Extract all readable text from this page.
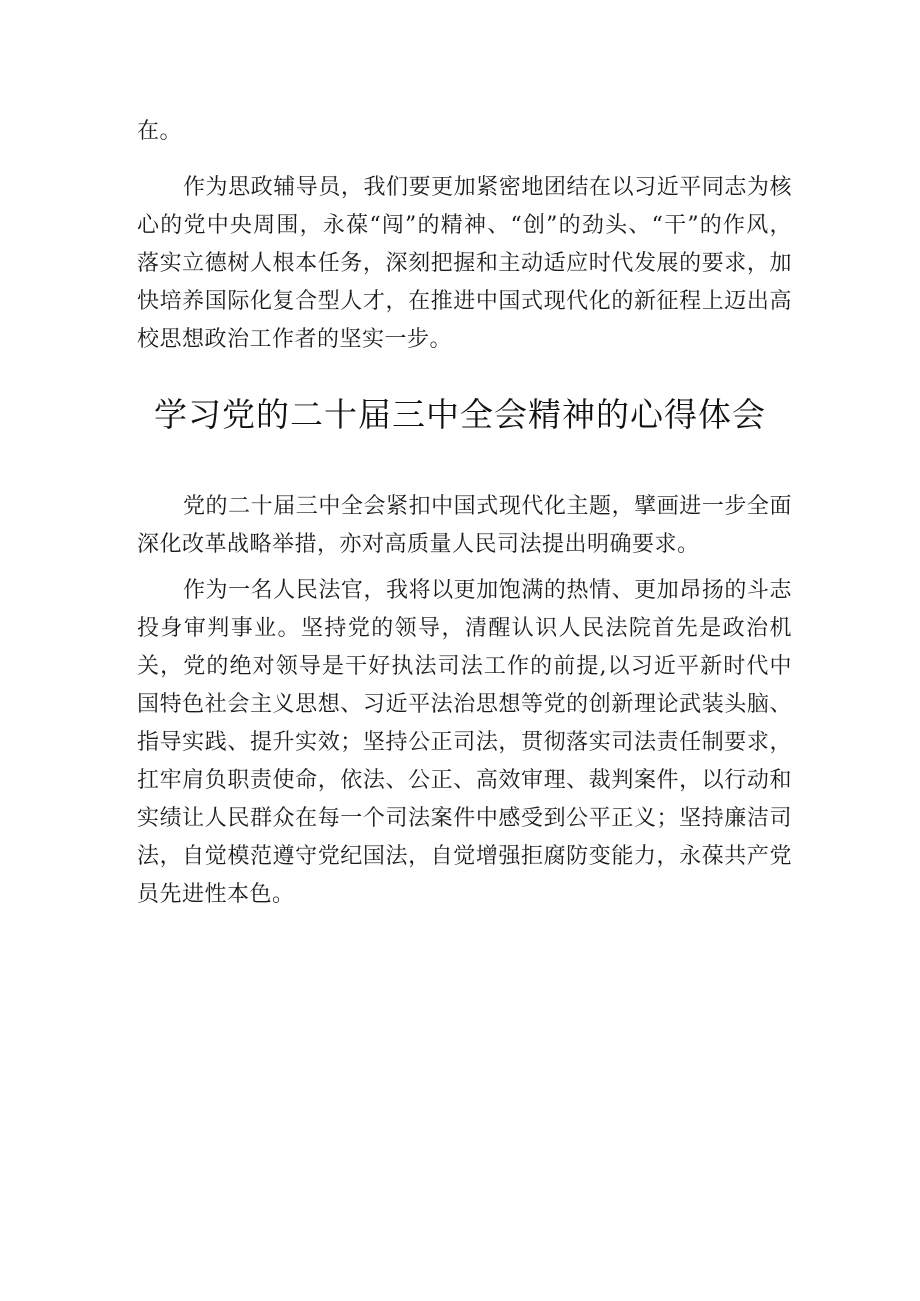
在。

作为思政辅导员，我们要更加紧密地团结在以习近平同志为核心的党中央周围，永葆“闯”的精神、“创”的劲头、“干”的作风，落实立德树人根本任务，深刻把握和主动适应时代发展的要求，加快培养国际化复合型人才，在推进中国式现代化的新征程上迈出高校思想政治工作者的坚实一步。

学习党的二十届三中全会精神的心得体会

党的二十届三中全会紧扣中国式现代化主题，擘画进一步全面深化改革战略举措，亦对高质量人民司法提出明确要求。

作为一名人民法官，我将以更加饱满的热情、更加昂扬的斗志投身审判事业。坚持党的领导，清醒认识人民法院首先是政治机关，党的绝对领导是干好执法司法工作的前提,以习近平新时代中国特色社会主义思想、习近平法治思想等党的创新理论武装头脑、指导实践、提升实效；坚持公正司法，贯彻落实司法责任制要求，扛牢肩负职责使命，依法、公正、高效审理、裁判案件，以行动和实绩让人民群众在每一个司法案件中感受到公平正义；坚持廉洁司法，自觉模范遵守党纪国法，自觉增强拒腐防变能力，永葆共产党员先进性本色。
